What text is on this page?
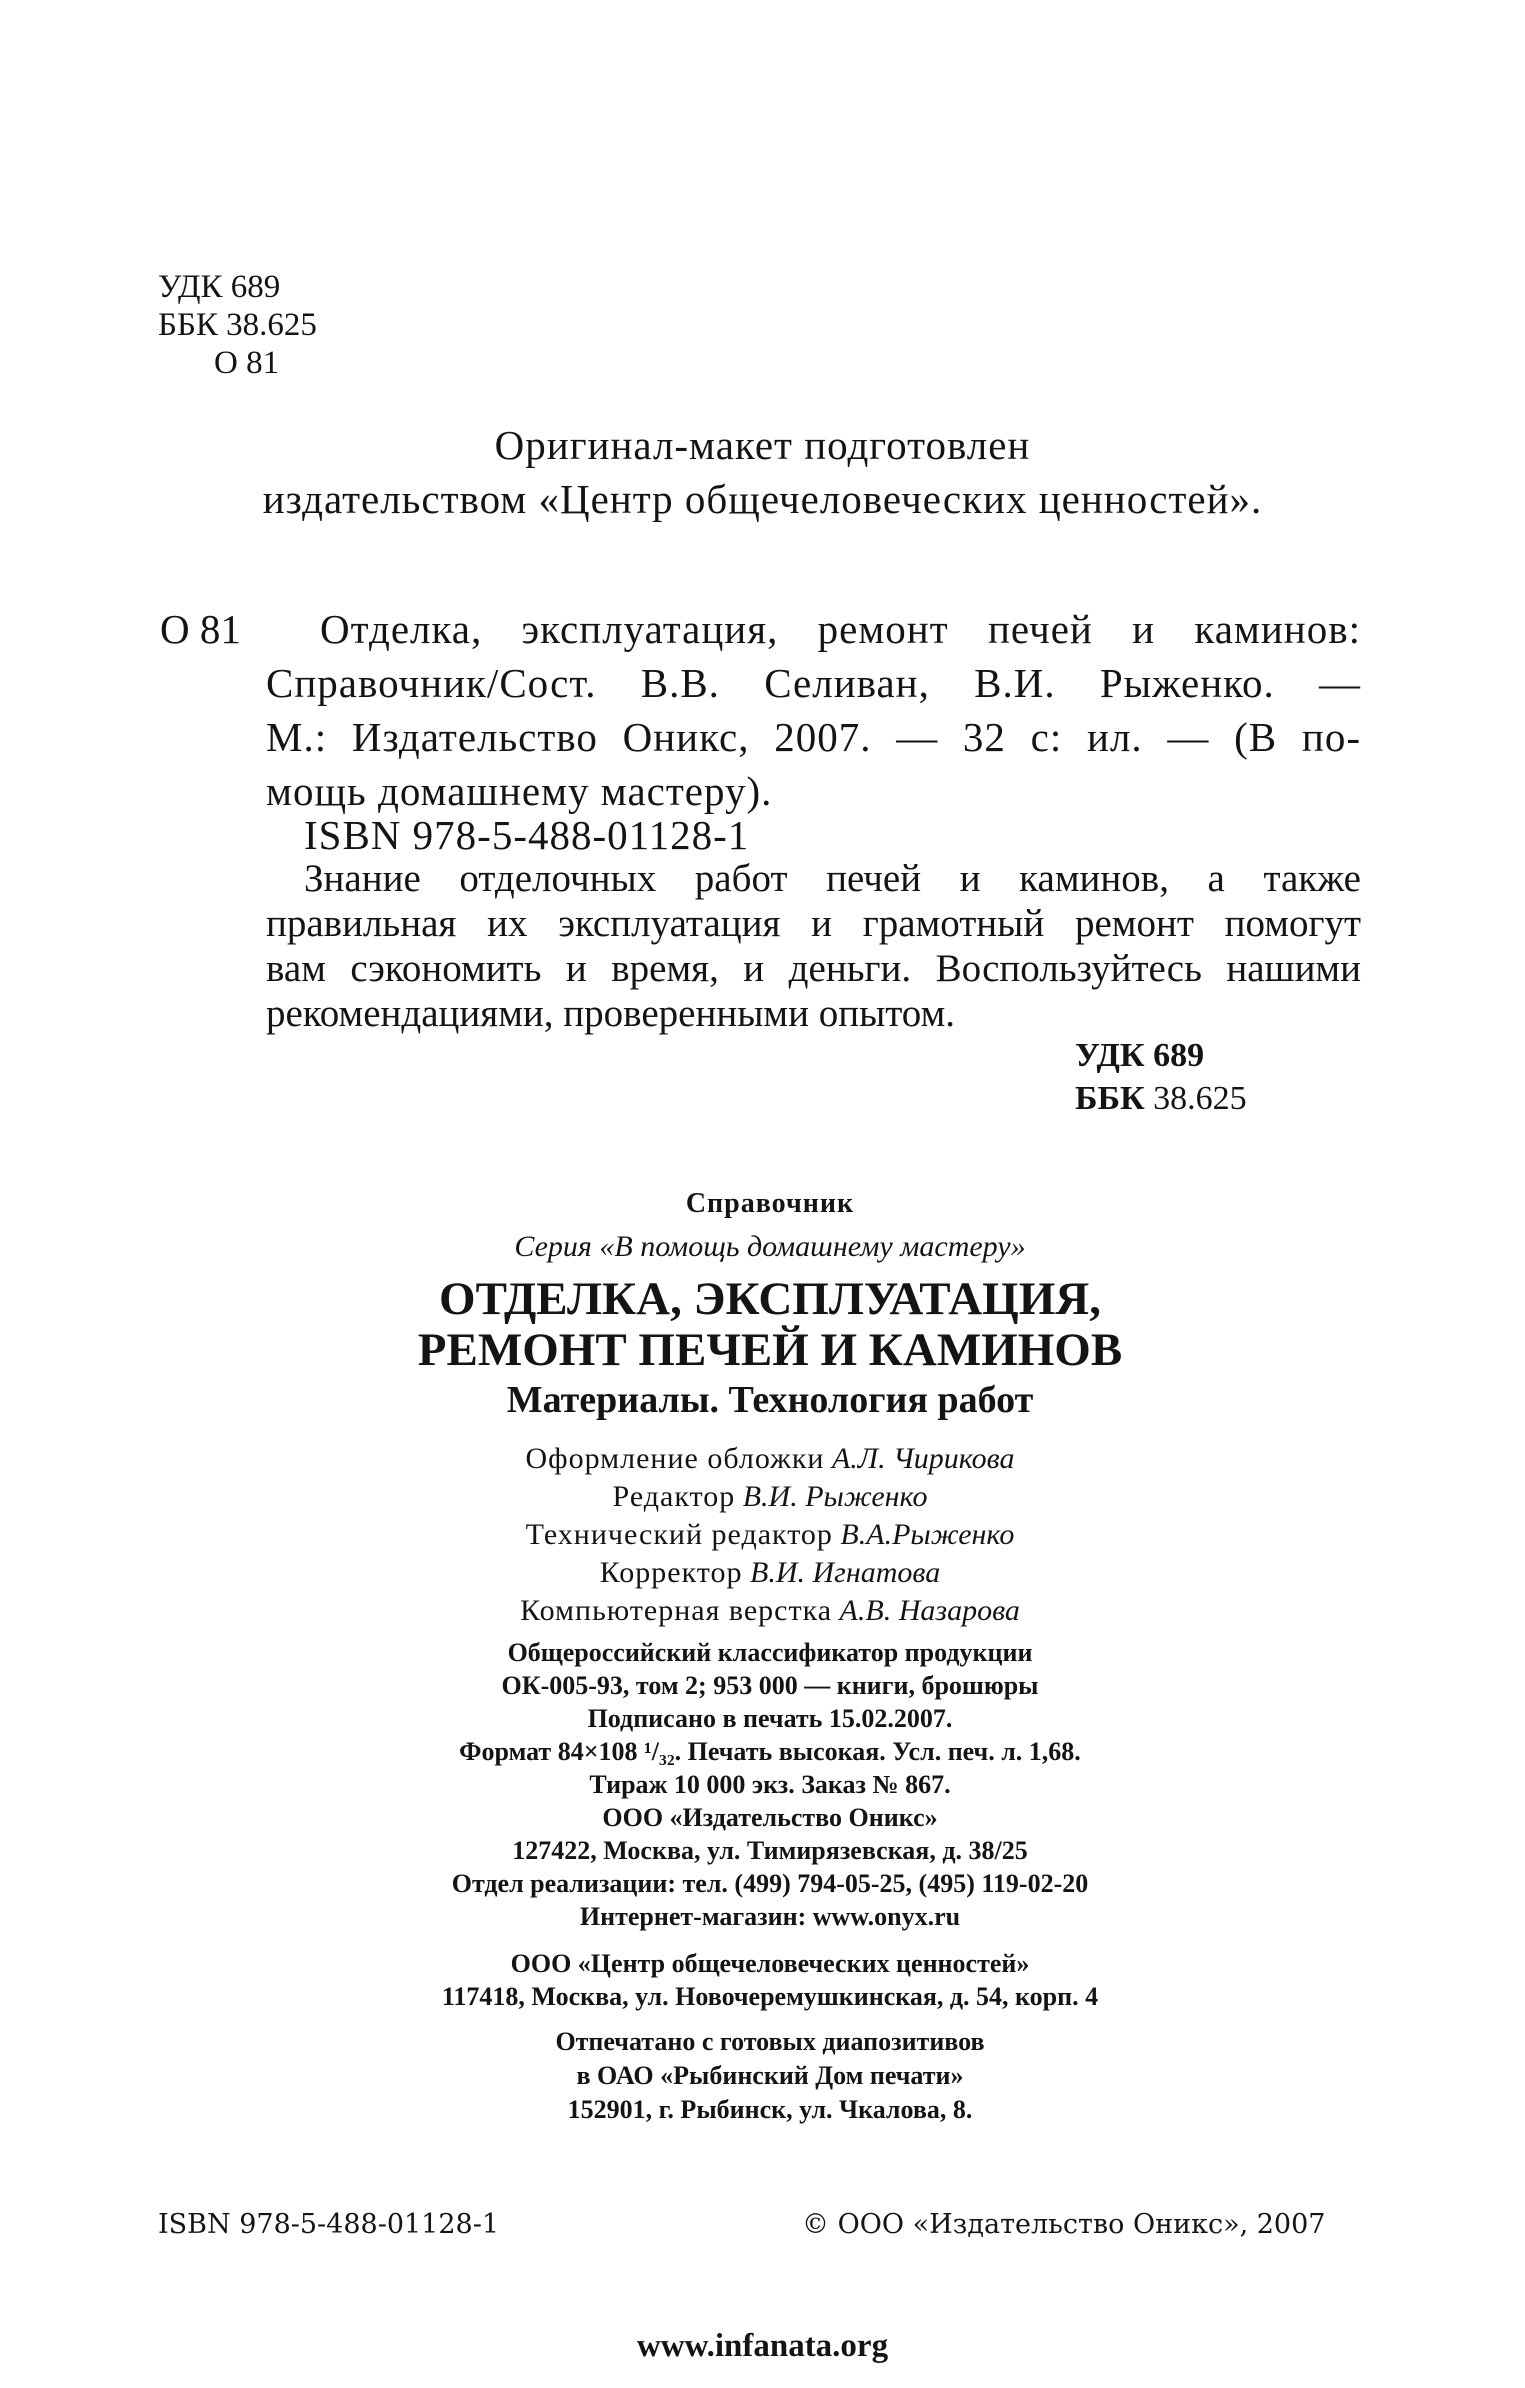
УДК 689
ББК 38.625
О 81
Оригинал-макет подготовлен
издательством «Центр общечеловеческих ценностей».
О 81 Отделка, эксплуатация, ремонт печей и каминов:
Справочник/Сост. В.В. Селиван, В.И. Рыженко. —
М.: Издательство Оникс, 2007. — 32 с: ил. — (В по-
мощь домашнему мастеру).
ISBN 978-5-488-01128-1
Знание отделочных работ печей и каминов, а также
правильная их эксплуатация и грамотный ремонт помогут
вам сэкономить и время, и деньги. Воспользуйтесь нашими
рекомендациями, проверенными опытом.
УДК 689
ББК 38.625
Справочник
Серия «В помощь домашнему мастеру»
ОТДЕЛКА, ЭКСПЛУАТАЦИЯ,
РЕМОНТ ПЕЧЕЙ И КАМИНОВ
Материалы. Технология работ
Оформление обложки А.Л. Чирикова
Редактор В.И. Рыженко
Технический редактор В.А.Рыженко
Корректор В.И. Игнатова
Компьютерная верстка А.В. Назарова
Общероссийский классификатор продукции
ОК-005-93, том 2; 953 000 — книги, брошюры
Подписано в печать 15.02.2007.
Формат 84×108 ¹/₃₂. Печать высокая. Усл. печ. л. 1,68.
Тираж 10 000 экз. Заказ № 867.
ООО «Издательство Оникс»
127422, Москва, ул. Тимирязевская, д. 38/25
Отдел реализации: тел. (499) 794-05-25, (495) 119-02-20
Интернет-магазин: www.onyx.ru
ООО «Центр общечеловеческих ценностей»
117418, Москва, ул. Новочеремушкинская, д. 54, корп. 4
Отпечатано с готовых диапозитивов
в ОАО «Рыбинский Дом печати»
152901, г. Рыбинск, ул. Чкалова, 8.
ISBN 978-5-488-01128-1	© ООО «Издательство Оникс», 2007
www.infanata.org
